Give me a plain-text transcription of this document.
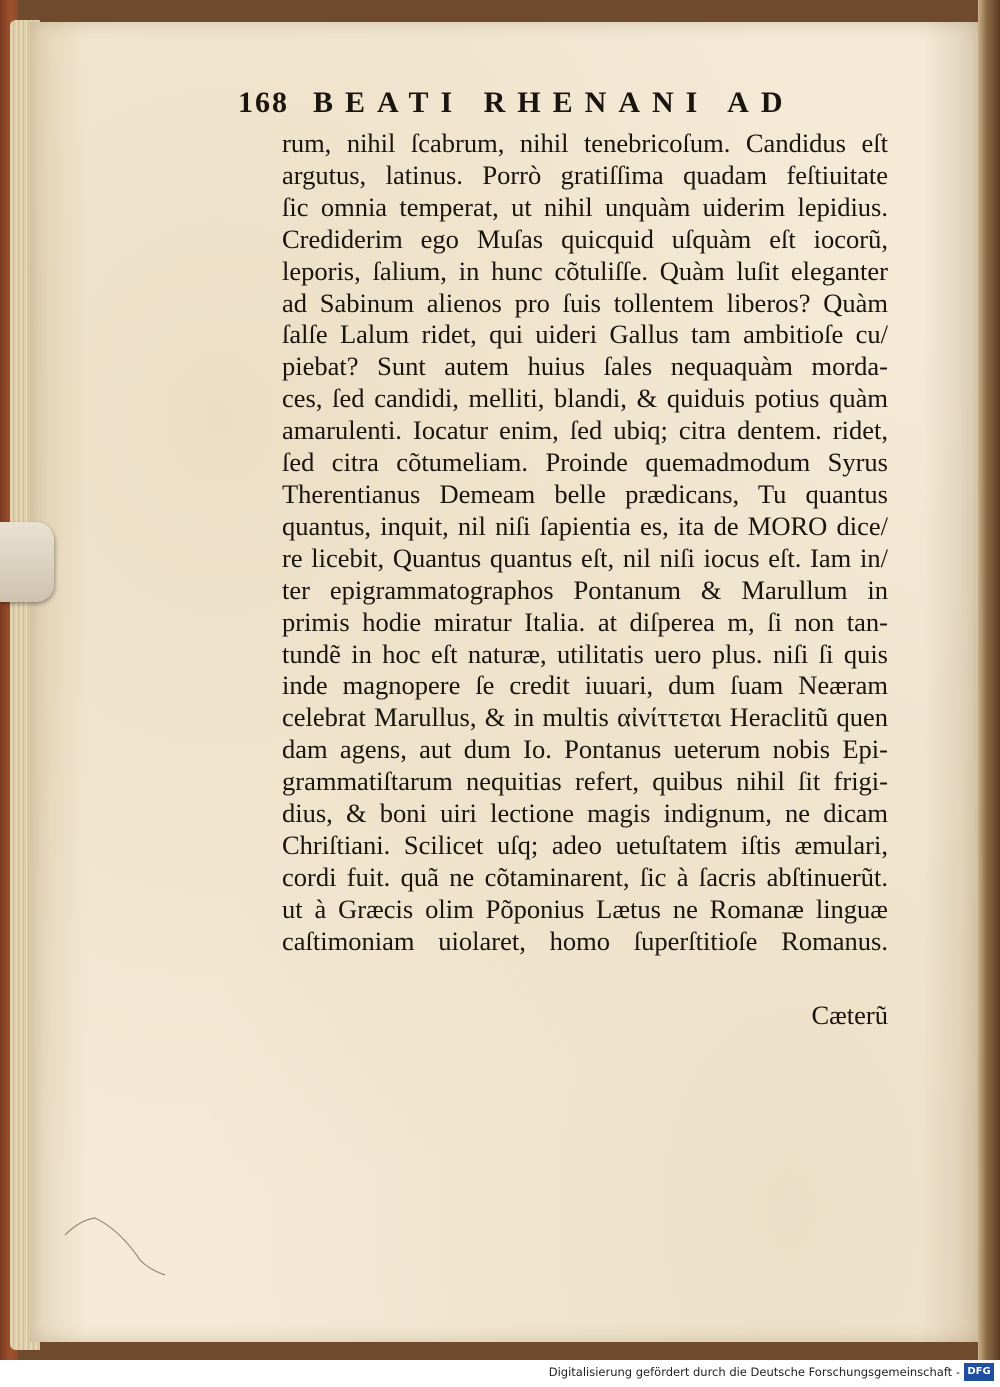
168 BEATI RHENANI AD
rum, nihil ſcabrum, nihil tenebricoſum. Candidus eſt
argutus, latinus. Porrò gratiſſima quadam feſtiuitate
ſic omnia temperat, ut nihil unquàm uiderim lepidius.
Crediderim ego Muſas quicquid uſquàm eſt iocorũ,
leporis, ſalium, in hunc cõtuliſſe. Quàm luſit eleganter
ad Sabinum alienos pro ſuis tollentem liberos? Quàm
ſalſe Lalum ridet, qui uideri Gallus tam ambitioſe cu/
piebat? Sunt autem huius ſales nequaquàm morda-
ces, ſed candidi, melliti, blandi, & quiduis potius quàm
amarulenti. Iocatur enim, ſed ubiq; citra dentem. ridet,
ſed citra cõtumeliam. Proinde quemadmodum Syrus
Therentianus Demeam belle prædicans, Tu quantus
quantus, inquit, nil niſi ſapientia es, ita de MORO dice/
re licebit, Quantus quantus eſt, nil niſi iocus eſt. Iam in/
ter epigrammatographos Pontanum & Marullum in
primis hodie miratur Italia. at diſperea m, ſi non tan-
tundẽ in hoc eſt naturæ, utilitatis uero plus. niſi ſi quis
inde magnopere ſe credit iuuari, dum ſuam Neæram
celebrat Marullus, & in multis αἰνίττεται Heraclitũ quen
dam agens, aut dum Io. Pontanus ueterum nobis Epi-
grammatiſtarum nequitias refert, quibus nihil ſit frigi-
dius, & boni uiri lectione magis indignum, ne dicam
Chriſtiani. Scilicet uſq; adeo uetuſtatem iſtis æmulari,
cordi fuit. quã ne cõtaminarent, ſic à ſacris abſtinuerũt.
ut à Græcis olim Põponius Lætus ne Romanæ linguæ
caſtimoniam uiolaret, homo ſuperſtitioſe Romanus.
Cæterũ
Digitalisierung gefördert durch die Deutsche Forschungsgemeinschaft - DFG
